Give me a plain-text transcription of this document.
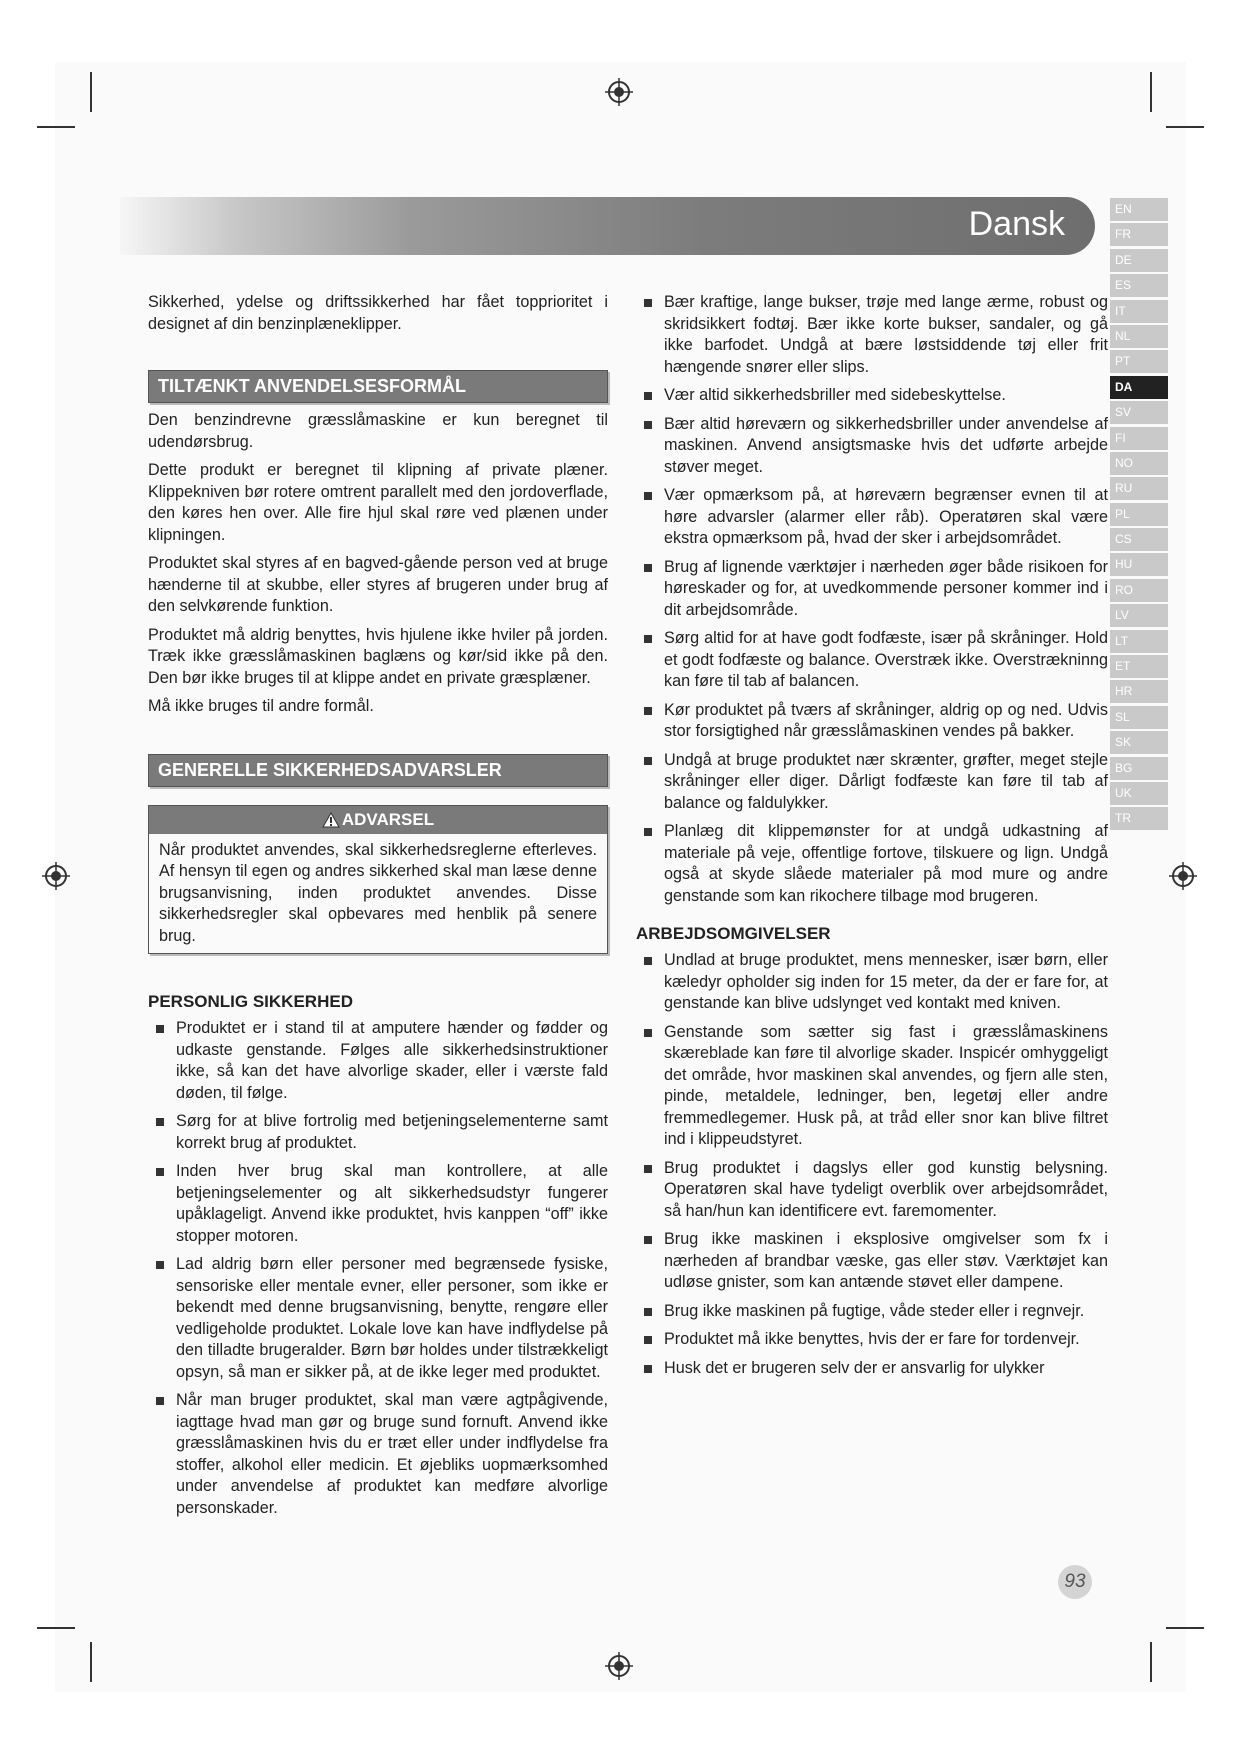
Dansk	EN
FR
DE
ES
IT
NL
PT
DA
SV
FI
NO
RU
PL
CS
HU
RO
LV
LT
ET
HR
SL
SK
BG
UK
TR

Sikkerhed, ydelse og driftssikkerhed har fået topprioritet i designet af din benzinplæneklipper.

TILTÆNKT ANVENDELSESFORMÅL

Den benzindrevne græsslåmaskine er kun beregnet til udendørsbrug.

Dette produkt er beregnet til klipning af private plæner. Klippekniven bør rotere omtrent parallelt med den jordoverflade, den køres hen over. Alle fire hjul skal røre ved plænen under klipningen.

Produktet skal styres af en bagved-gående person ved at bruge hænderne til at skubbe, eller styres af brugeren under brug af den selvkørende funktion.

Produktet må aldrig benyttes, hvis hjulene ikke hviler på jorden. Træk ikke græsslåmaskinen baglæns og kør/sid ikke på den. Den bør ikke bruges til at klippe andet en private græsplæner.

Må ikke bruges til andre formål.

GENERELLE SIKKERHEDSADVARSLER
ADVARSEL
Når produktet anvendes, skal sikkerhedsreglerne efterleves. Af hensyn til egen og andres sikkerhed skal man læse denne brugsanvisning, inden produktet anvendes. Disse sikkerhedsregler skal opbevares med henblik på senere brug.
PERSONLIG SIKKERHED
Produktet er i stand til at amputere hænder og fødder og udkaste genstande. Følges alle sikkerhedsinstruktioner ikke, så kan det have alvorlige skader, eller i værste fald døden, til følge.
Sørg for at blive fortrolig med betjeningselementerne samt korrekt brug af produktet.
Inden hver brug skal man kontrollere, at alle betjeningselementer og alt sikkerhedsudstyr fungerer upåklageligt. Anvend ikke produktet, hvis kanppen “off” ikke stopper motoren.
Lad aldrig børn eller personer med begrænsede fysiske, sensoriske eller mentale evner, eller personer, som ikke er bekendt med denne brugsanvisning, benytte, rengøre eller vedligeholde produktet. Lokale love kan have indflydelse på den tilladte brugeralder. Børn bør holdes under tilstrækkeligt opsyn, så man er sikker på, at de ikke leger med produktet.
Når man bruger produktet, skal man være agtpågivende, iagttage hvad man gør og bruge sund fornuft. Anvend ikke græsslåmaskinen hvis du er træt eller under indflydelse fra stoffer, alkohol eller medicin. Et øjebliks uopmærksomhed under anvendelse af produktet kan medføre alvorlige personskader.
Bær kraftige, lange bukser, trøje med lange ærme, robust og skridsikkert fodtøj. Bær ikke korte bukser, sandaler, og gå ikke barfodet. Undgå at bære løstsiddende tøj eller frit hængende snører eller slips.
Vær altid sikkerhedsbriller med sidebeskyttelse.
Bær altid høreværn og sikkerhedsbriller under anvendelse af maskinen. Anvend ansigtsmaske hvis det udførte arbejde støver meget.
Vær opmærksom på, at høreværn begrænser evnen til at høre advarsler (alarmer eller råb). Operatøren skal være ekstra opmærksom på, hvad der sker i arbejdsområdet.
Brug af lignende værktøjer i nærheden øger både risikoen for høreskader og for, at uvedkommende personer kommer ind i dit arbejdsområde.
Sørg altid for at have godt fodfæste, især på skråninger. Hold et godt fodfæste og balance. Overstræk ikke. Overstrækninng kan føre til tab af balancen.
Kør produktet på tværs af skråninger, aldrig op og ned. Udvis stor forsigtighed når græsslåmaskinen vendes på bakker.
Undgå at bruge produktet nær skrænter, grøfter, meget stejle skråninger eller diger. Dårligt fodfæste kan føre til tab af balance og faldulykker.
Planlæg dit klippemønster for at undgå udkastning af materiale på veje, offentlige fortove, tilskuere og lign. Undgå også at skyde slåede materialer på mod mure og andre genstande som kan rikochere tilbage mod brugeren.
ARBEJDSOMGIVELSER
Undlad at bruge produktet, mens mennesker, især børn, eller kæledyr opholder sig inden for 15 meter, da der er fare for, at genstande kan blive udslynget ved kontakt med kniven.
Genstande som sætter sig fast i græsslåmaskinens skæreblade kan føre til alvorlige skader. Inspicér omhyggeligt det område, hvor maskinen skal anvendes, og fjern alle sten, pinde, metaldele, ledninger, ben, legetøj eller andre fremmedlegemer. Husk på, at tråd eller snor kan blive filtret ind i klippeudstyret.
Brug produktet i dagslys eller god kunstig belysning. Operatøren skal have tydeligt overblik over arbejdsområdet, så han/hun kan identificere evt. faremomenter.
Brug ikke maskinen i eksplosive omgivelser som fx i nærheden af brandbar væske, gas eller støv. Værktøjet kan udløse gnister, som kan antænde støvet eller dampene.
Brug ikke maskinen på fugtige, våde steder eller i regnvejr.
Produktet må ikke benyttes, hvis der er fare for tordenvejr.
Husk det er brugeren selv der er ansvarlig for ulykker
93
